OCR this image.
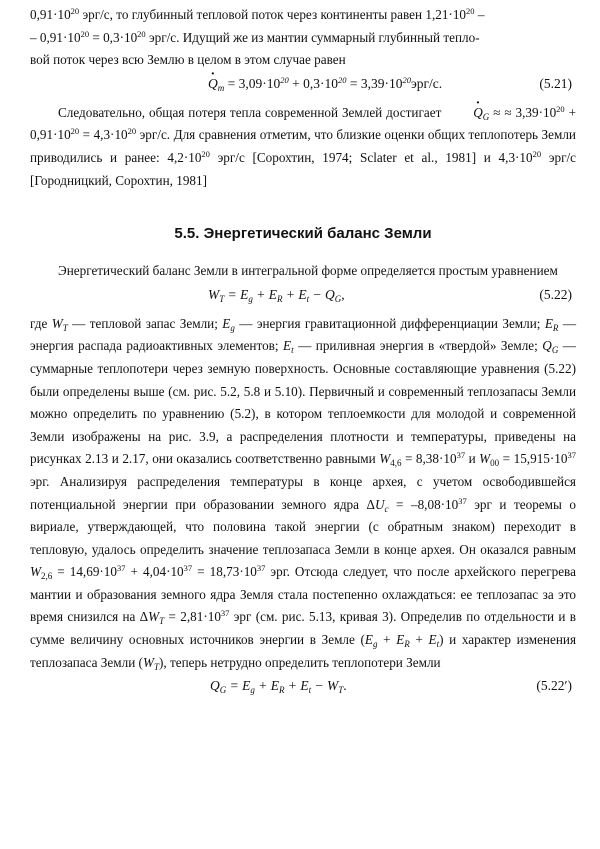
$0,91\cdot 10^{20}$ эрг/с, то глубинный тепловой поток через континенты равен $1,21\cdot 10^{20}$ –
– $0,91\cdot 10^{20} = 0,3\cdot 10^{20}$ эрг/с. Идущий же из мантии суммарный глубинный тепло-
вой поток через всю Землю в целом в этом случае равен

$Q \cdot_m = 3,09\cdot 10^{20} + 0,3\cdot 10^{20} = 3,39\cdot 10^{20}эрг/с$.	(5.21)

Следовательно, общая потеря тепла современной Землей достигает $Q \cdot_G$ ≈ ≈ $3,39\cdot 10^{20} + 0,91\cdot 10^{20} = 4,3\cdot 10^{20}$ эрг/с. Для сравнения отметим, что близкие оценки общих теплопотерь Земли приводились и ранее: $4,2\cdot 10^{20}$ эрг/с [Сорохтин, 1974; Sclater et al., 1981] и $4,3\cdot 10^{20}$ эрг/с [Городницкий, Сорохтин, 1981]

5.5. Энергетический баланс Земли

Энергетический баланс Земли в интегральной форме определяется простым уравнением

$W_T = E_g + E_R + E_t - Q_G$,	(5.22)

где $W_T$ — тепловой запас Земли; $E_g$ — энергия гравитационной дифференциации Земли; $E_R$ — энергия распада радиоактивных элементов; $E_t$ — приливная энергия в «твердой» Земле; $Q_G$ — суммарные теплопотери через земную поверхность. Основные составляющие уравнения (5.22) были определены выше (см. рис. 5.2, 5.8 и 5.10). Первичный и современный теплозапасы Земли можно определить по уравнению (5.2), в котором теплоемкости для молодой и современной Земли изображены на рис. 3.9, а распределения плотности и температуры, приведены на рисунках 2.13 и 2.17, они оказались соответственно равными $W_{4,6} = 8,38\cdot 10^{37}$ и $W_{00} = 15,915\cdot 10^{37}$ эрг. Анализируя распределения температуры в конце архея, с учетом освободившейся потенциальной энергии при образовании земного ядра $\Delta U_c = -8,08\cdot 10^{37}$ эрг и теоремы о вириале, утверждающей, что половина такой энергии (с обратным знаком) переходит в тепловую, удалось определить значение теплозапаса Земли в конце архея. Он оказался равным $W_{2,6} = 14,69\cdot 10^{37} + 4,04\cdot 10^{37} = 18,73\cdot 10^{37}$ эрг. Отсюда следует, что после архейского перегрева мантии и образования земного ядра Земля стала постепенно охлаждаться: ее теплозапас за это время снизился на $\Delta W_T = 2,81\cdot 10^{37}$ эрг (см. рис. 5.13, кривая 3). Определив по отдельности и в сумме величину основных источников энергии в Земле $(E_g + E_R + E_t)$ и характер изменения теплозапаса Земли $(W_T)$, теперь нетрудно определить теплопотери Земли

$Q_G = E_g + E_R + E_t - W_T$.	(5.22′)
